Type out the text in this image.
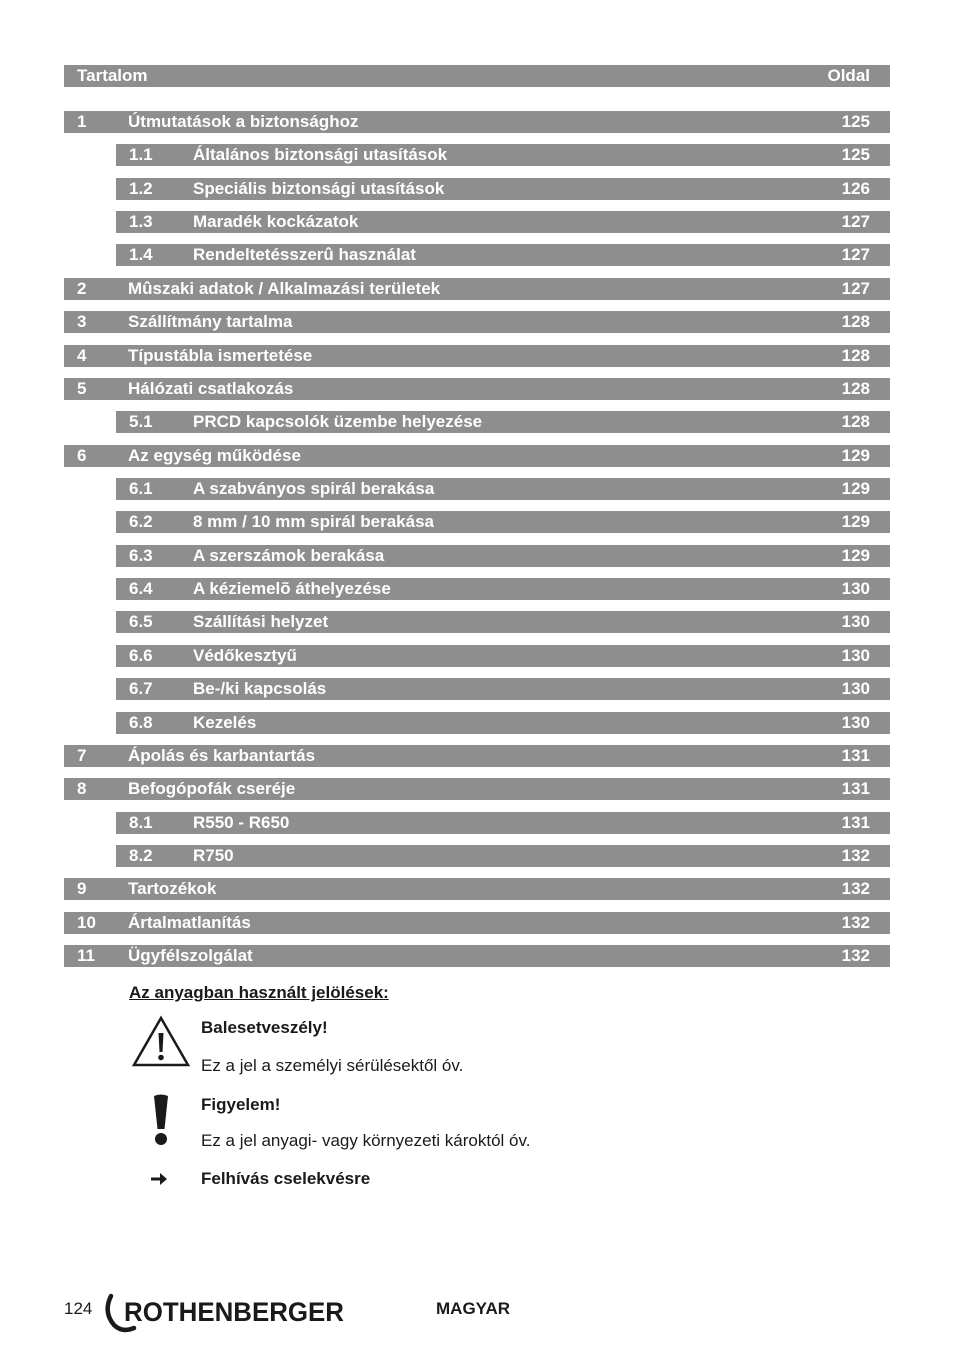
Tartalom	Oldal
1 Útmutatások a biztonsághoz	125
1.1 Általános biztonsági utasítások	125
1.2 Speciális biztonsági utasítások	126
1.3 Maradék kockázatok	127
1.4 Rendeltetésszerû használat	127
2 Mûszaki adatok / Alkalmazási területek	127
3 Szállítmány tartalma	128
4 Típustábla ismertetése	128
5 Hálózati csatlakozás	128
5.1 PRCD kapcsolók üzembe helyezése	128
6 Az egység működése	129
6.1 A szabványos spirál berakása	129
6.2 8 mm / 10 mm spirál berakása	129
6.3 A szerszámok berakása	129
6.4 A kéziemelõ áthelyezése	130
6.5 Szállítási helyzet	130
6.6 Védőkesztyű	130
6.7 Be-/ki kapcsolás	130
6.8 Kezelés	130
7 Ápolás és karbantartás	131
8 Befogópofák cseréje	131
8.1 R550 - R650	131
8.2 R750	132
9 Tartozékok	132
10 Ártalmatlanítás	132
11 Ügyfélszolgálat	132
Az anyagban használt jelölések:
Balesetveszély!
Ez a jel a személyi sérülésektől óv.
Figyelem!
Ez a jel anyagi- vagy környezeti károktól óv.
Felhívás cselekvésre
124 ROTHENBERGER	MAGYAR
